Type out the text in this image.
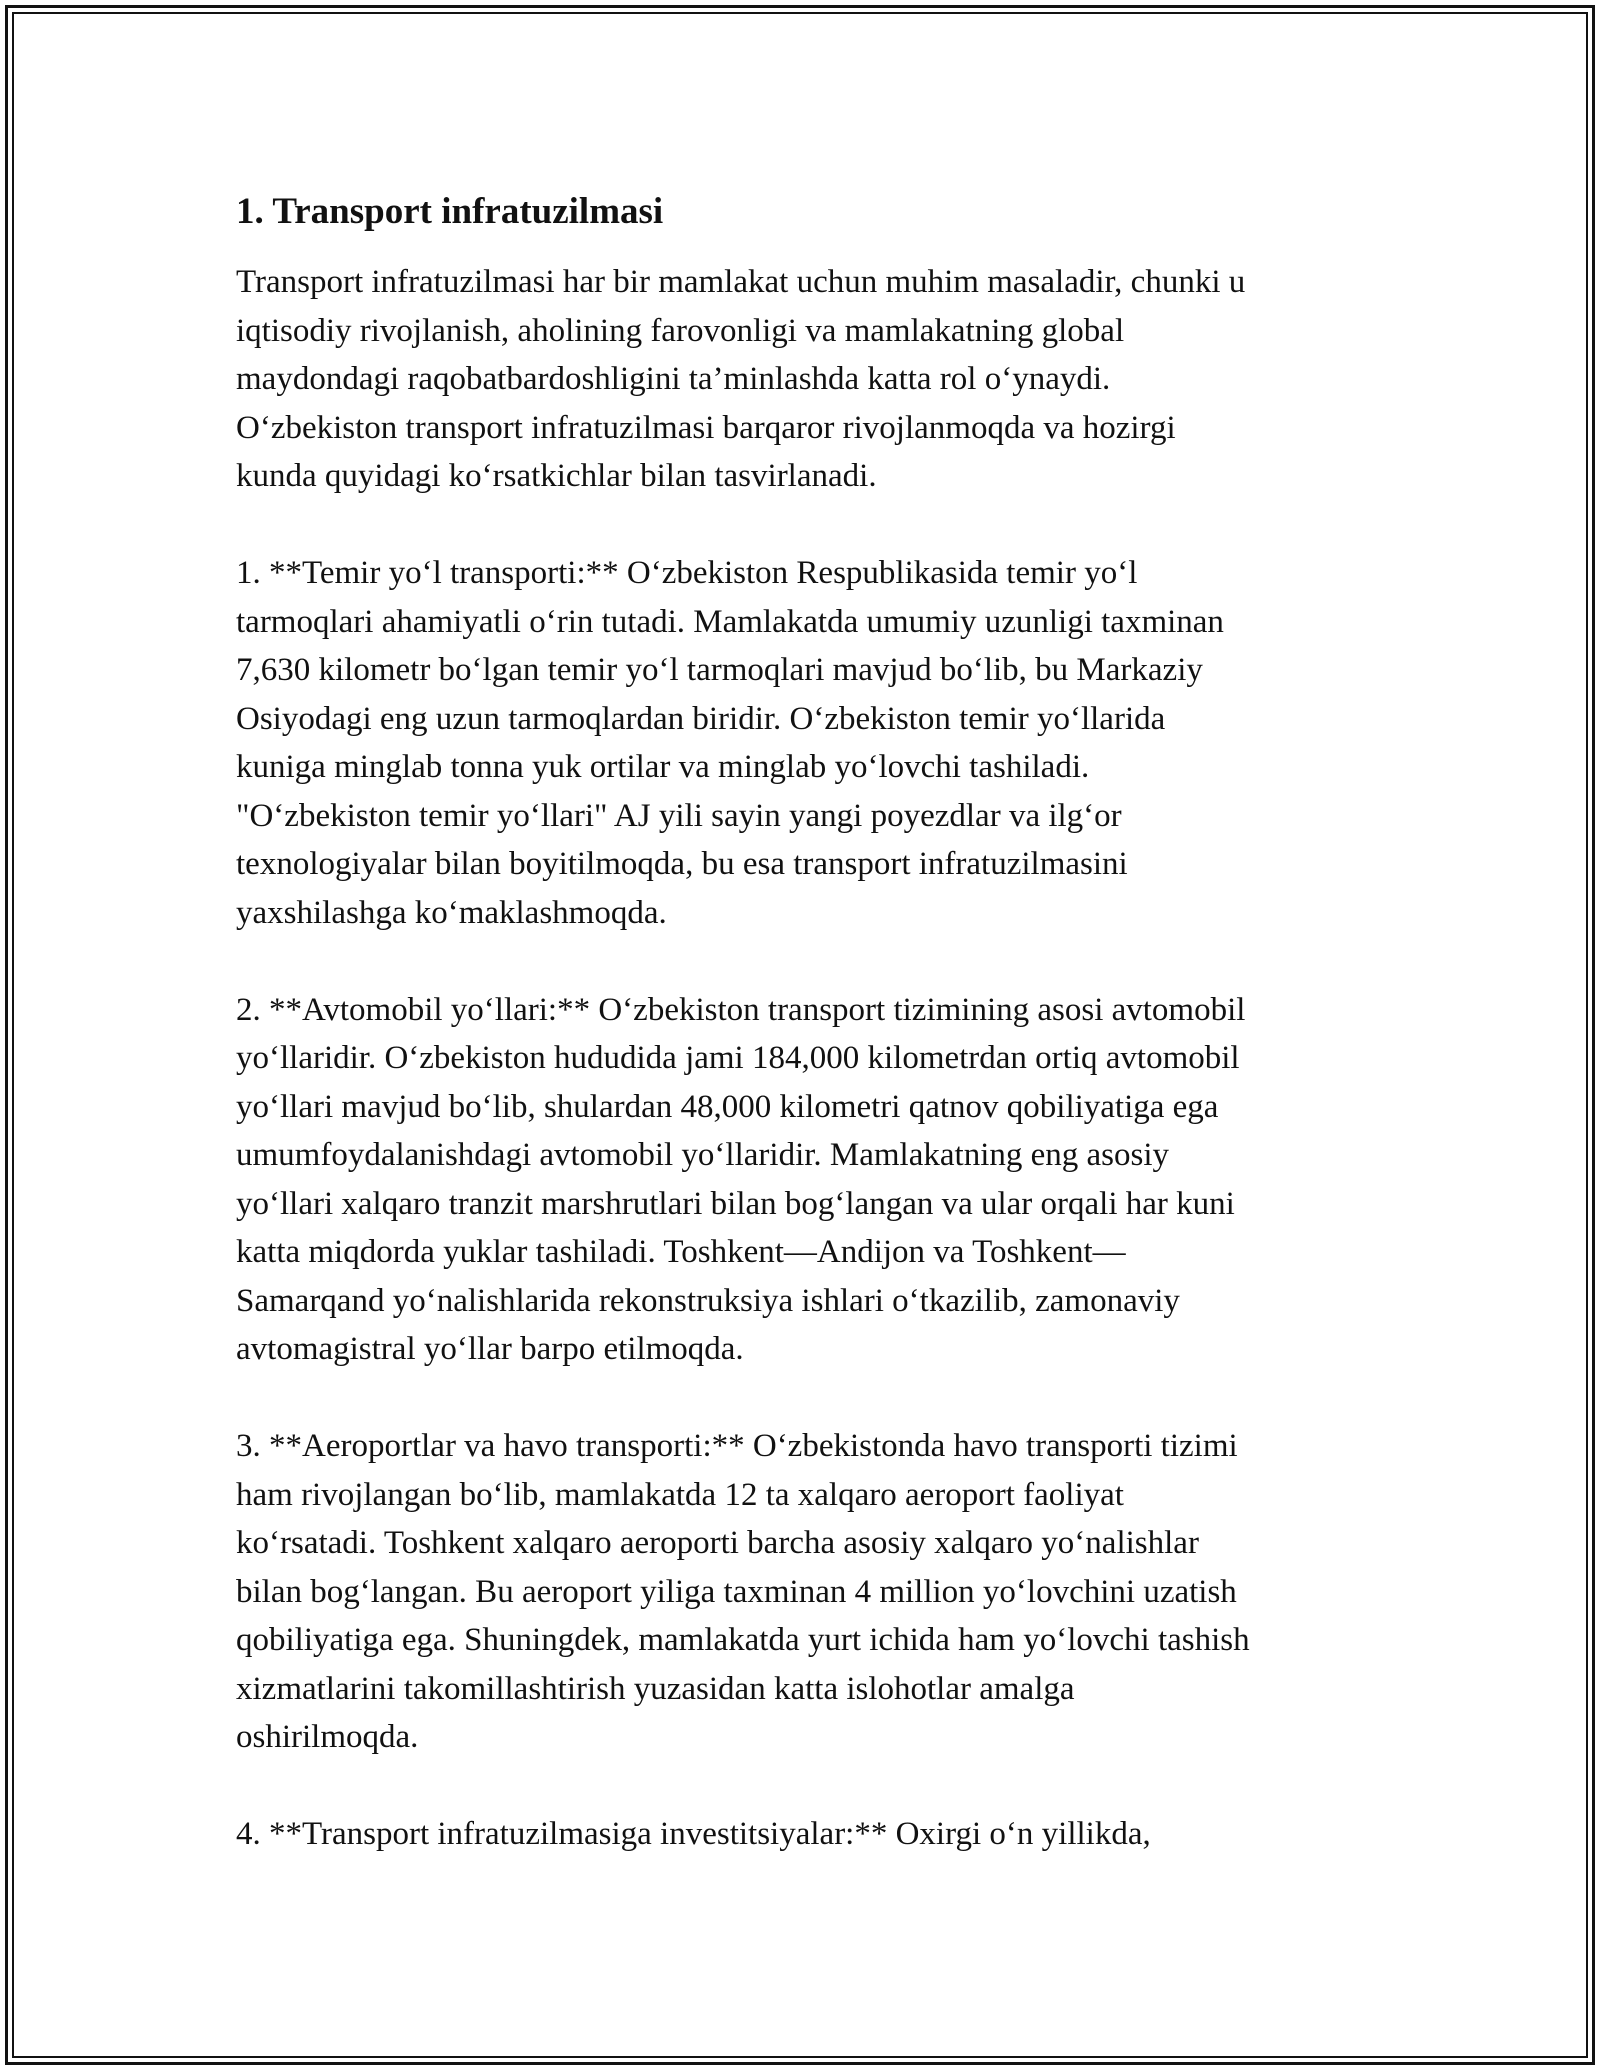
1. Transport infratuzilmasi

Transport infratuzilmasi har bir mamlakat uchun muhim masaladir, chunki u
iqtisodiy rivojlanish, aholining farovonligi va mamlakatning global
maydondagi raqobatbardoshligini ta’minlashda katta rol o‘ynaydi.
O‘zbekiston transport infratuzilmasi barqaror rivojlanmoqda va hozirgi
kunda quyidagi ko‘rsatkichlar bilan tasvirlanadi.

1. **Temir yo‘l transporti:** O‘zbekiston Respublikasida temir yo‘l
tarmoqlari ahamiyatli o‘rin tutadi. Mamlakatda umumiy uzunligi taxminan
7,630 kilometr bo‘lgan temir yo‘l tarmoqlari mavjud bo‘lib, bu Markaziy
Osiyodagi eng uzun tarmoqlardan biridir. O‘zbekiston temir yo‘llarida
kuniga minglab tonna yuk ortilar va minglab yo‘lovchi tashiladi.
"O‘zbekiston temir yo‘llari" AJ yili sayin yangi poyezdlar va ilg‘or
texnologiyalar bilan boyitilmoqda, bu esa transport infratuzilmasini
yaxshilashga ko‘maklashmoqda.

2. **Avtomobil yo‘llari:** O‘zbekiston transport tizimining asosi avtomobil
yo‘llaridir. O‘zbekiston hududida jami 184,000 kilometrdan ortiq avtomobil
yo‘llari mavjud bo‘lib, shulardan 48,000 kilometri qatnov qobiliyatiga ega
umumfoydalanishdagi avtomobil yo‘llaridir. Mamlakatning eng asosiy
yo‘llari xalqaro tranzit marshrutlari bilan bog‘langan va ular orqali har kuni
katta miqdorda yuklar tashiladi. Toshkent—Andijon va Toshkent—
Samarqand yo‘nalishlarida rekonstruksiya ishlari o‘tkazilib, zamonaviy
avtomagistral yo‘llar barpo etilmoqda.

3. **Aeroportlar va havo transporti:** O‘zbekistonda havo transporti tizimi
ham rivojlangan bo‘lib, mamlakatda 12 ta xalqaro aeroport faoliyat
ko‘rsatadi. Toshkent xalqaro aeroporti barcha asosiy xalqaro yo‘nalishlar
bilan bog‘langan. Bu aeroport yiliga taxminan 4 million yo‘lovchini uzatish
qobiliyatiga ega. Shuningdek, mamlakatda yurt ichida ham yo‘lovchi tashish
xizmatlarini takomillashtirish yuzasidan katta islohotlar amalga
oshirilmoqda.

4. **Transport infratuzilmasiga investitsiyalar:** Oxirgi o‘n yillikda,
